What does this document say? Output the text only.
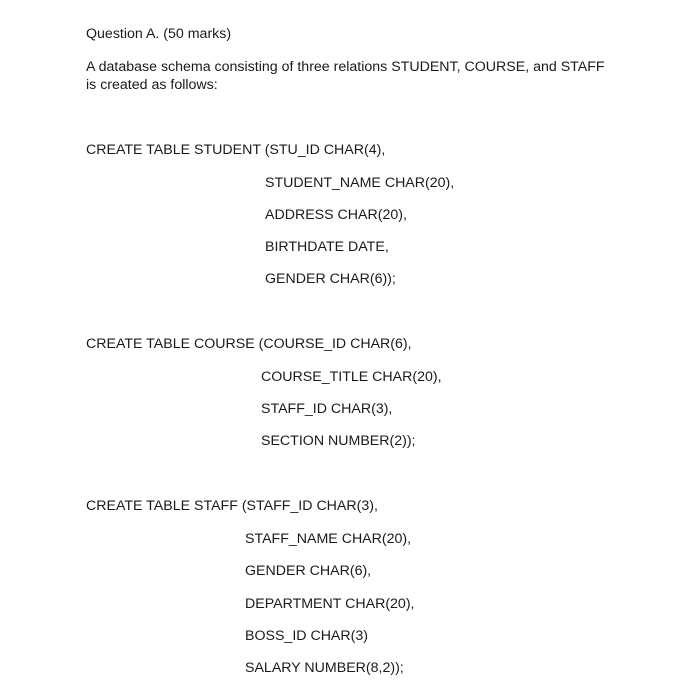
Question A. (50 marks)
A database schema consisting of three relations STUDENT, COURSE, and STAFF
is created as follows:
CREATE TABLE STUDENT (STU_ID CHAR(4),
STUDENT_NAME CHAR(20),
ADDRESS CHAR(20),
BIRTHDATE DATE,
GENDER CHAR(6));
CREATE TABLE COURSE (COURSE_ID CHAR(6),
COURSE_TITLE CHAR(20),
STAFF_ID CHAR(3),
SECTION NUMBER(2));
CREATE TABLE STAFF (STAFF_ID CHAR(3),
STAFF_NAME CHAR(20),
GENDER CHAR(6),
DEPARTMENT CHAR(20),
BOSS_ID CHAR(3)
SALARY NUMBER(8,2));
